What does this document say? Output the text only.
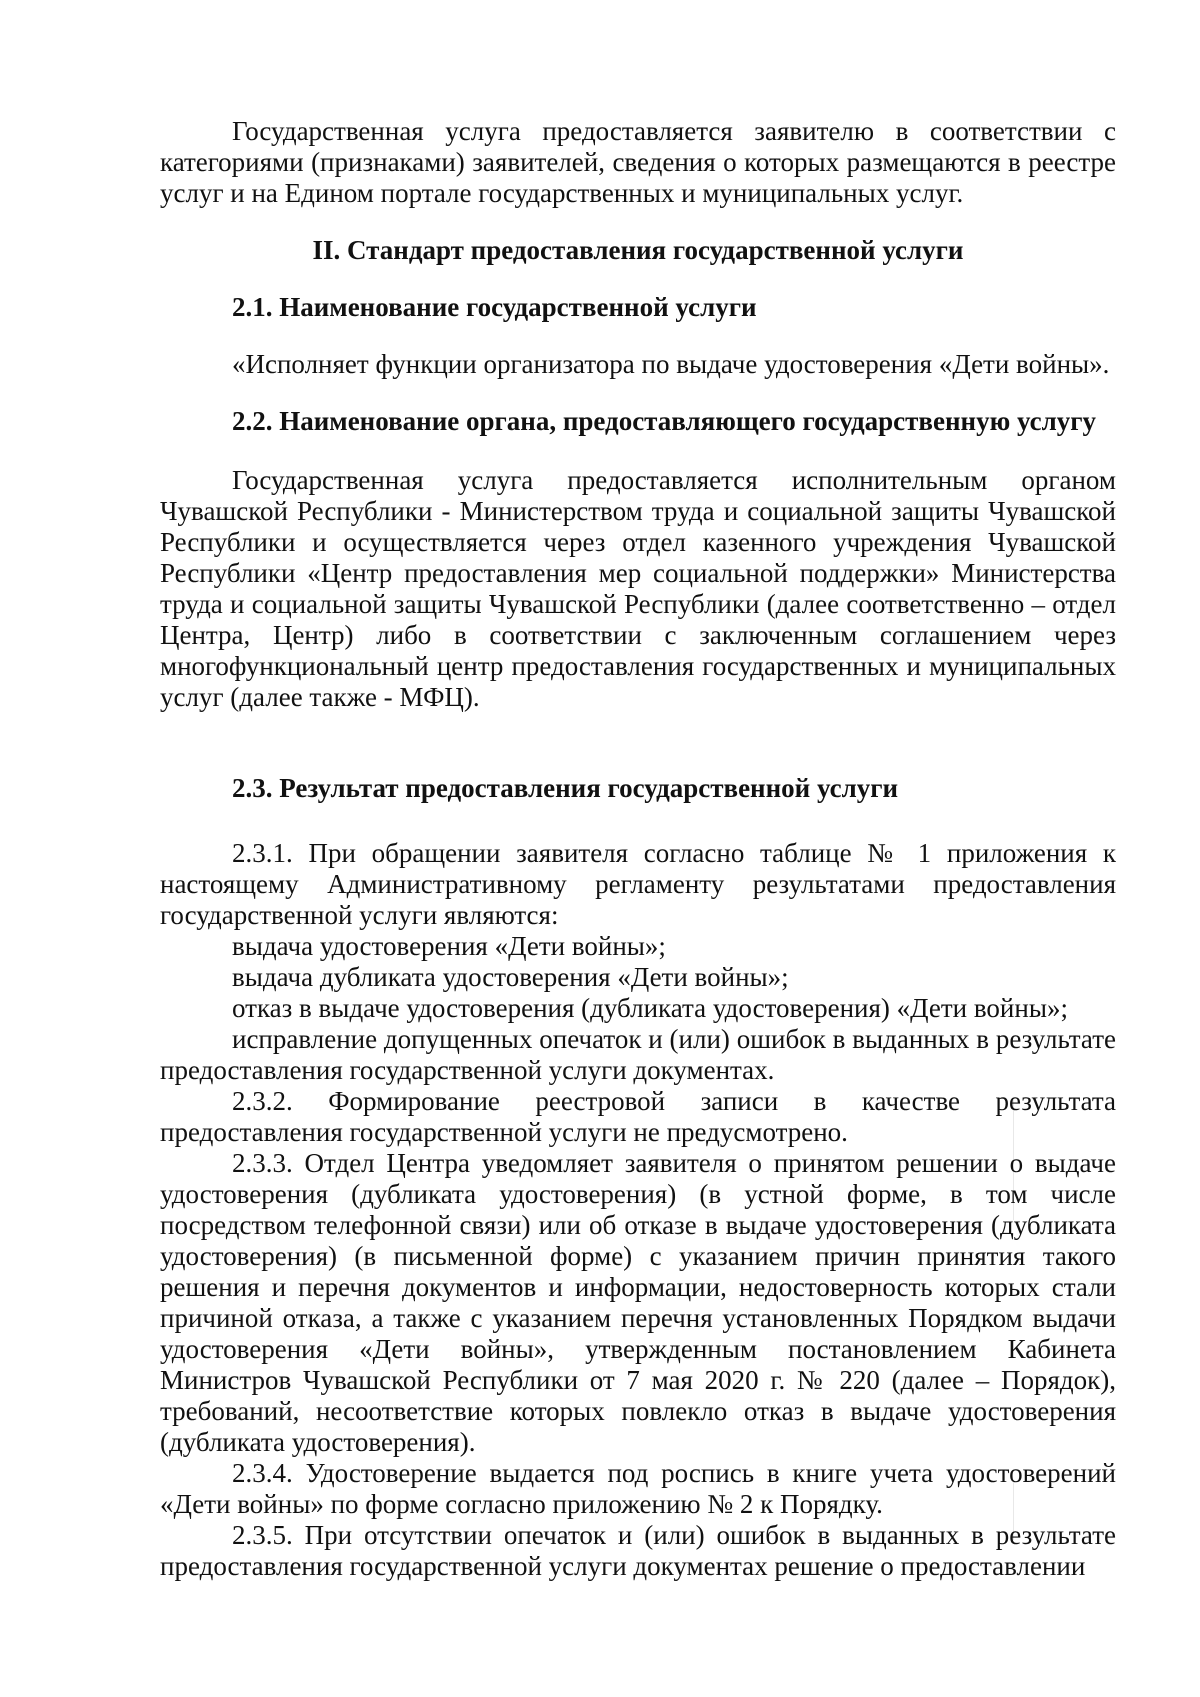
Государственная услуга предоставляется заявителю в соответствии с категориями (признаками) заявителей, сведения о которых размещаются в реестре услуг и на Едином портале государственных и муниципальных услуг.

II. Стандарт предоставления государственной услуги

2.1. Наименование государственной услуги

«Исполняет функции организатора по выдаче удостоверения «Дети войны».

2.2. Наименование органа, предоставляющего государственную услугу

Государственная услуга предоставляется исполнительным органом Чувашской Республики - Министерством труда и социальной защиты Чувашской Республики и осуществляется через отдел казенного учреждения Чувашской Республики «Центр предоставления мер социальной поддержки» Министерства труда и социальной защиты Чувашской Республики (далее соответственно – отдел Центра, Центр) либо в соответствии с заключенным соглашением через многофункциональный центр предоставления государственных и муниципальных услуг (далее также - МФЦ).

2.3. Результат предоставления государственной услуги

2.3.1. При обращении заявителя согласно таблице № 1 приложения к настоящему Административному регламенту результатами предоставления государственной услуги являются:

выдача удостоверения «Дети войны»;

выдача дубликата удостоверения «Дети войны»;

отказ в выдаче удостоверения (дубликата удостоверения) «Дети войны»;

исправление допущенных опечаток и (или) ошибок в выданных в результате предоставления государственной услуги документах.

2.3.2. Формирование реестровой записи в качестве результата предоставления государственной услуги не предусмотрено.

2.3.3. Отдел Центра уведомляет заявителя о принятом решении о выдаче удостоверения (дубликата удостоверения) (в устной форме, в том числе посредством телефонной связи) или об отказе в выдаче удостоверения (дубликата удостоверения) (в письменной форме) с указанием причин принятия такого решения и перечня документов и информации, недостоверность которых стали причиной отказа, а также с указанием перечня установленных Порядком выдачи удостоверения «Дети войны», утвержденным постановлением Кабинета Министров Чувашской Республики от 7 мая 2020 г. № 220 (далее – Порядок), требований, несоответствие которых повлекло отказ в выдаче удостоверения (дубликата удостоверения).

2.3.4. Удостоверение выдается под роспись в книге учета удостоверений «Дети войны» по форме согласно приложению № 2 к Порядку.

2.3.5. При отсутствии опечаток и (или) ошибок в выданных в результате предоставления государственной услуги документах решение о предоставлении
